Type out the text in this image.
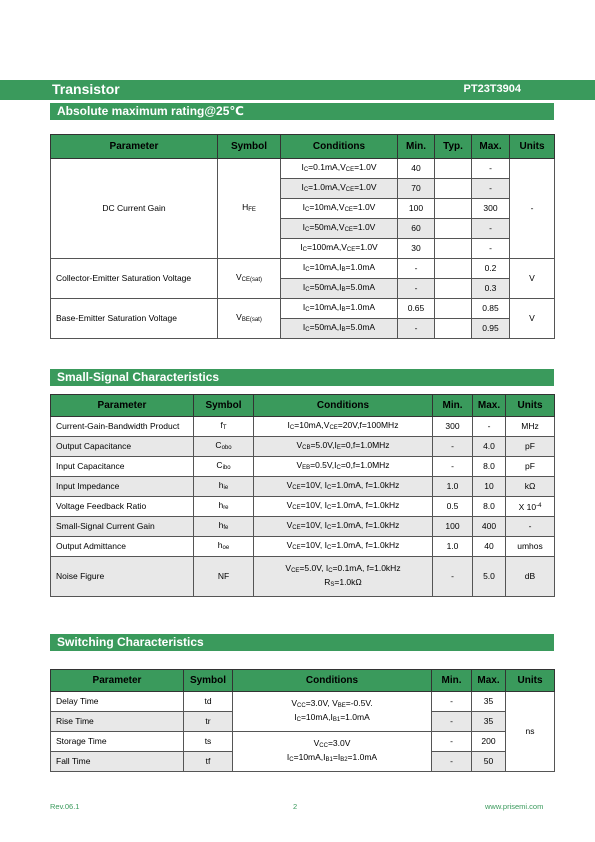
Transistor	PT23T3904
Absolute maximum rating@25℃
Parameter	Symbol	Conditions	Min.	Typ.	Max.	Units
DC Current Gain	$H_{FE}$	$I_C=0.1mA,V_{CE}=1.0V$	40		-	-
		$I_C=1.0mA,V_{CE}=1.0V$	70		-	
		$I_C=10mA,V_{CE}=1.0V$	100		300	
		$I_C=50mA,V_{CE}=1.0V$	60		-	
		$I_C=100mA,V_{CE}=1.0V$	30		-	
Collector-Emitter Saturation Voltage	$V_{CE(sat)}$	$I_C=10mA,I_B=1.0mA$	-		0.2	V
		$I_C=50mA,I_B=5.0mA$	-		0.3	
Base-Emitter Saturation Voltage	$V_{BE(sat)}$	$I_C=10mA,I_B=1.0mA$	0.65		0.85	V
		$I_C=50mA,I_B=5.0mA$	-		0.95	
Small-Signal Characteristics
Parameter	Symbol	Conditions	Min.	Max.	Units
Current-Gain-Bandwidth Product	$f_T$	$I_C=10mA,V_{CE}=20V,f=100MHz$	300	-	MHz
Output Capacitance	$C_{obo}$	$V_{CB}=5.0V,I_E=0,f=1.0MHz$	-	4.0	pF
Input Capacitance	$C_{ibo}$	$V_{EB}=0.5V,I_C=0,f=1.0MHz$	-	8.0	pF
Input Impedance	$h_{ie}$	$V_{CE}=10V$, $I_C=1.0mA$, f=1.0kHz	1.0	10	kΩ
Voltage Feedback Ratio	$h_{re}$	$V_{CE}=10V$, $I_C=1.0mA$, f=1.0kHz	0.5	8.0	X $10^{-4}$
Small-Signal Current Gain	$h_{fe}$	$V_{CE}=10V$, $I_C=1.0mA$, f=1.0kHz	100	400	-
Output Admittance	$h_{oe}$	$V_{CE}=10V$, $I_C=1.0mA$, f=1.0kHz	1.0	40	umhos
Noise Figure	NF	$V_{CE}=5.0V$, $I_C=0.1mA$, f=1.0kHz
$R_S=1.0k\Omega$	-	5.0	dB
Switching Characteristics
Parameter	Symbol	Conditions	Min.	Max.	Units
Delay Time	td	$V_{CC}=3.0V$, $V_{BE}=-0.5V$.
$I_C=10mA,I_{B1}=1.0mA$	-	35	ns
Rise Time	tr		-	35	
Storage Time	ts	$V_{CC}=3.0V$
$I_C=10mA,I_{B1}=I_{B2}=1.0mA$	-	200	
Fall Time	tf		-	50	
Rev.06.1	2	www.prisemi.com
